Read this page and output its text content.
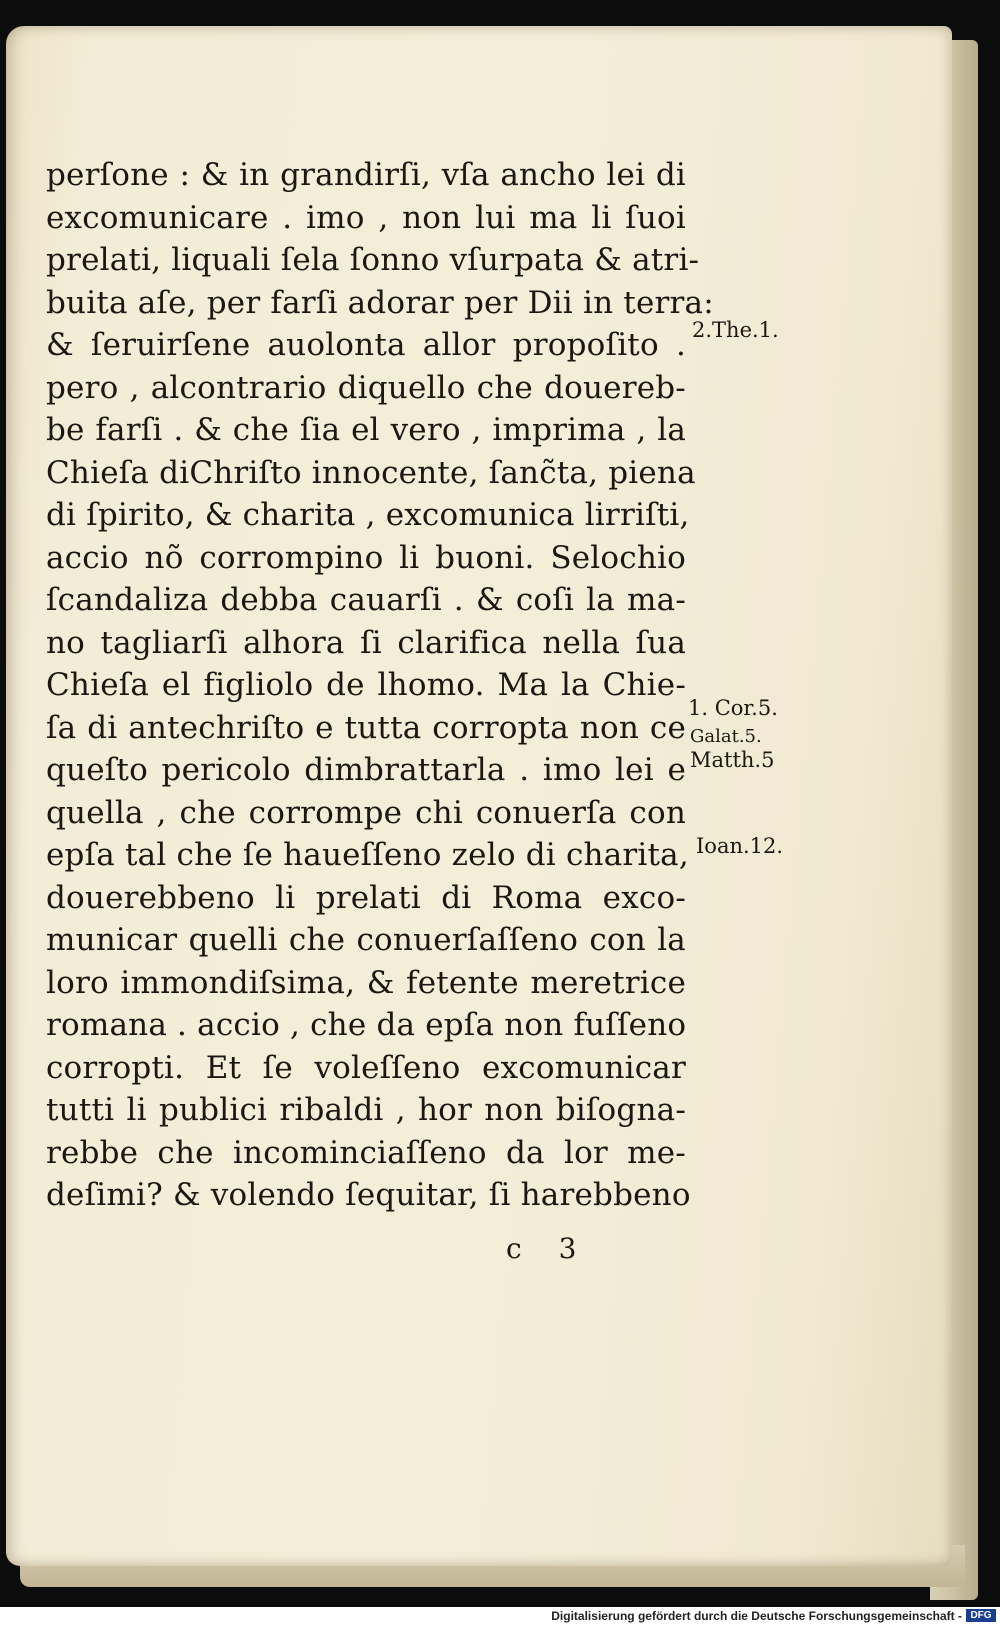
perſone : & in grandirſi, vſa ancho lei di
excomunicare . imo , non lui ma li ſuoi
prelati, liquali ſela ſonno vſurpata & atri-
buita aſe, per farſi adorar per Dii in terra:
& ſeruirſene auolonta allor propoſito .
pero , alcontrario diquello che douereb-
be farſi . & che ſia el vero , imprima , la
Chieſa diChriſto innocente, ſanc̃ta, piena
di ſpirito, & charita , excomunica lirriſti,
accio nõ corrompino li buoni. Selochio
ſcandaliza debba cauarſi . & coſi la ma-
no tagliarſi alhora ſi clarifica nella ſua
Chieſa el figliolo de lhomo. Ma la Chie-
ſa di antechriſto e tutta corropta non ce
queſto pericolo dimbrattarla . imo lei e
quella , che corrompe chi conuerſa con
epſa tal che ſe haueſſeno zelo di charita,
douerebbeno li prelati di Roma exco-
municar quelli che conuerſaſſeno con la
loro immondiſsima, & fetente meretrice
romana . accio , che da epſa non fuſſeno
corropti. Et ſe voleſſeno excomunicar
tutti li publici ribaldi , hor non biſogna-
rebbe che incominciaſſeno da lor me-
deſimi? & volendo ſequitar, ſi harebbeno
2.The.1.
1. Cor.5.
Galat.5.
Matth.5
Ioan.12.
c 3
Digitalisierung gefördert durch die Deutsche Forschungsgemeinschaft - DFG
